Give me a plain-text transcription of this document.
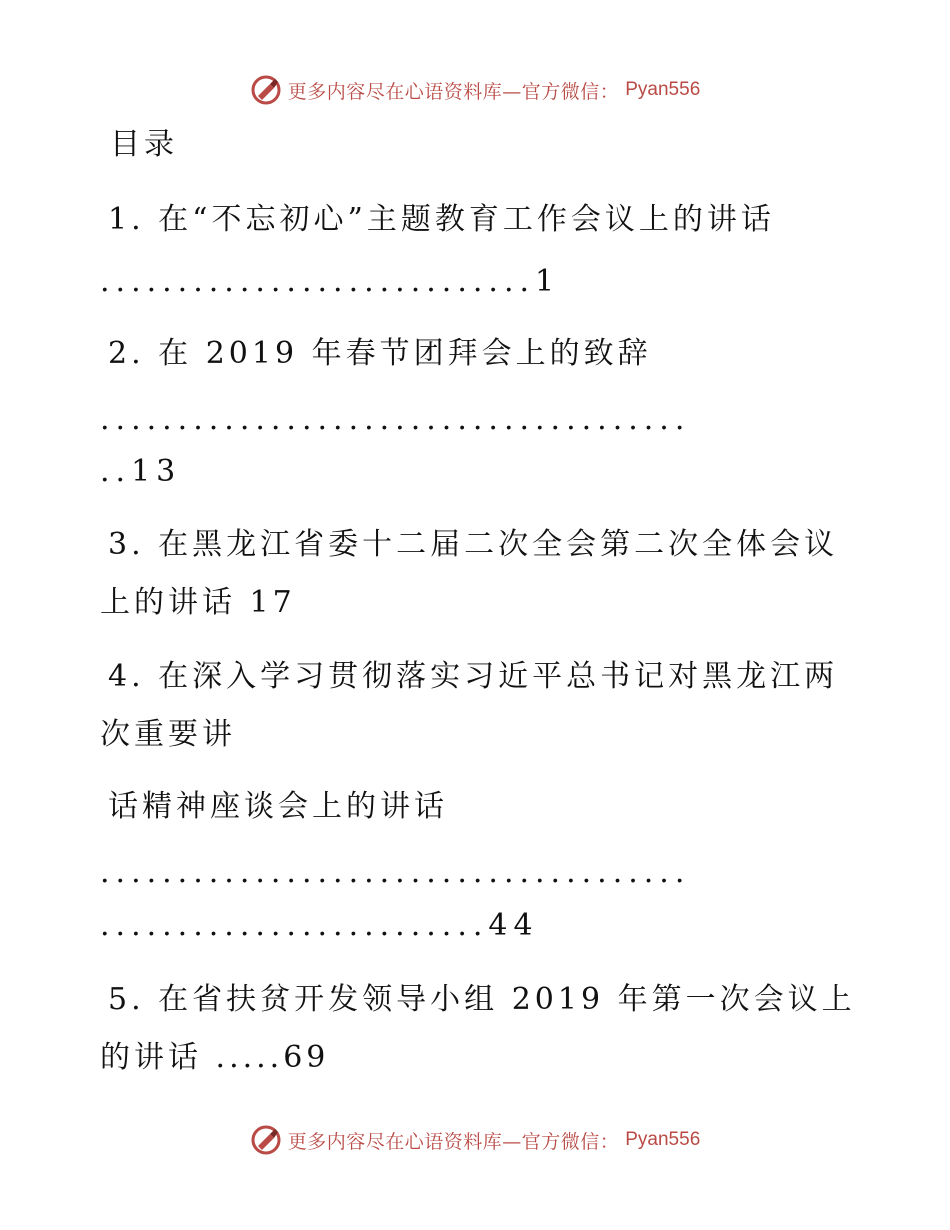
更多内容尽在心语资料库—官方微信： Pyan556
目录
1. 在“不忘初心”主题教育工作会议上的讲话
............................1
2. 在 2019 年春节团拜会上的致辞
......................................
..13
3. 在黑龙江省委十二届二次全会第二次全体会议
上的讲话 17
4. 在深入学习贯彻落实习近平总书记对黑龙江两
次重要讲
话精神座谈会上的讲话
......................................
.........................44
5. 在省扶贫开发领导小组 2019 年第一次会议上
的讲话 .....69
更多内容尽在心语资料库—官方微信： Pyan556
